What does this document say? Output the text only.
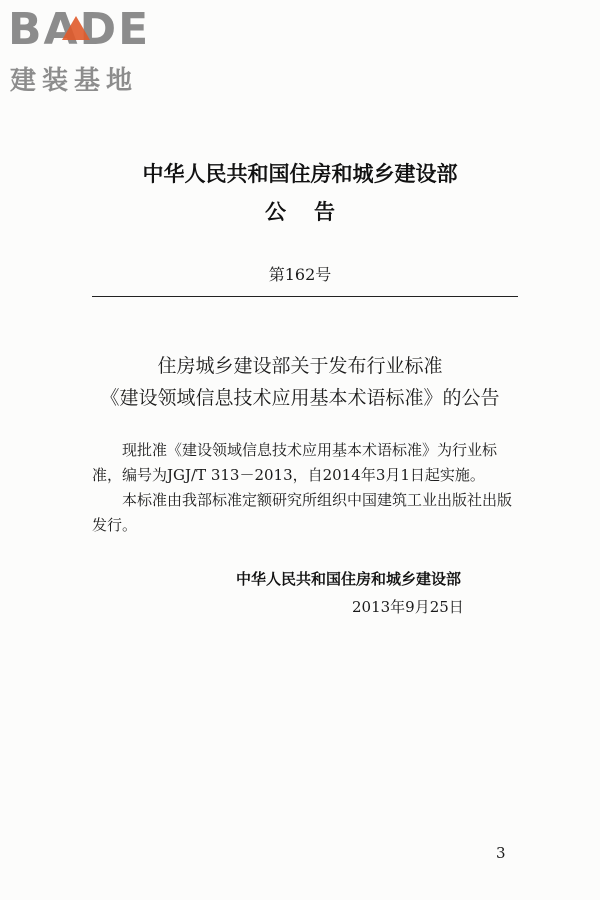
BADE
建装基地
中华人民共和国住房和城乡建设部
公告
第162号
住房城乡建设部关于发布行业标准
《建设领域信息技术应用基本术语标准》的公告

现批准《建设领域信息技术应用基本术语标准》为行业标准，编号为JGJ/T 313－2013，自2014年3月1日起实施。

本标准由我部标准定额研究所组织中国建筑工业出版社出版发行。

中华人民共和国住房和城乡建设部
2013年9月25日
3
